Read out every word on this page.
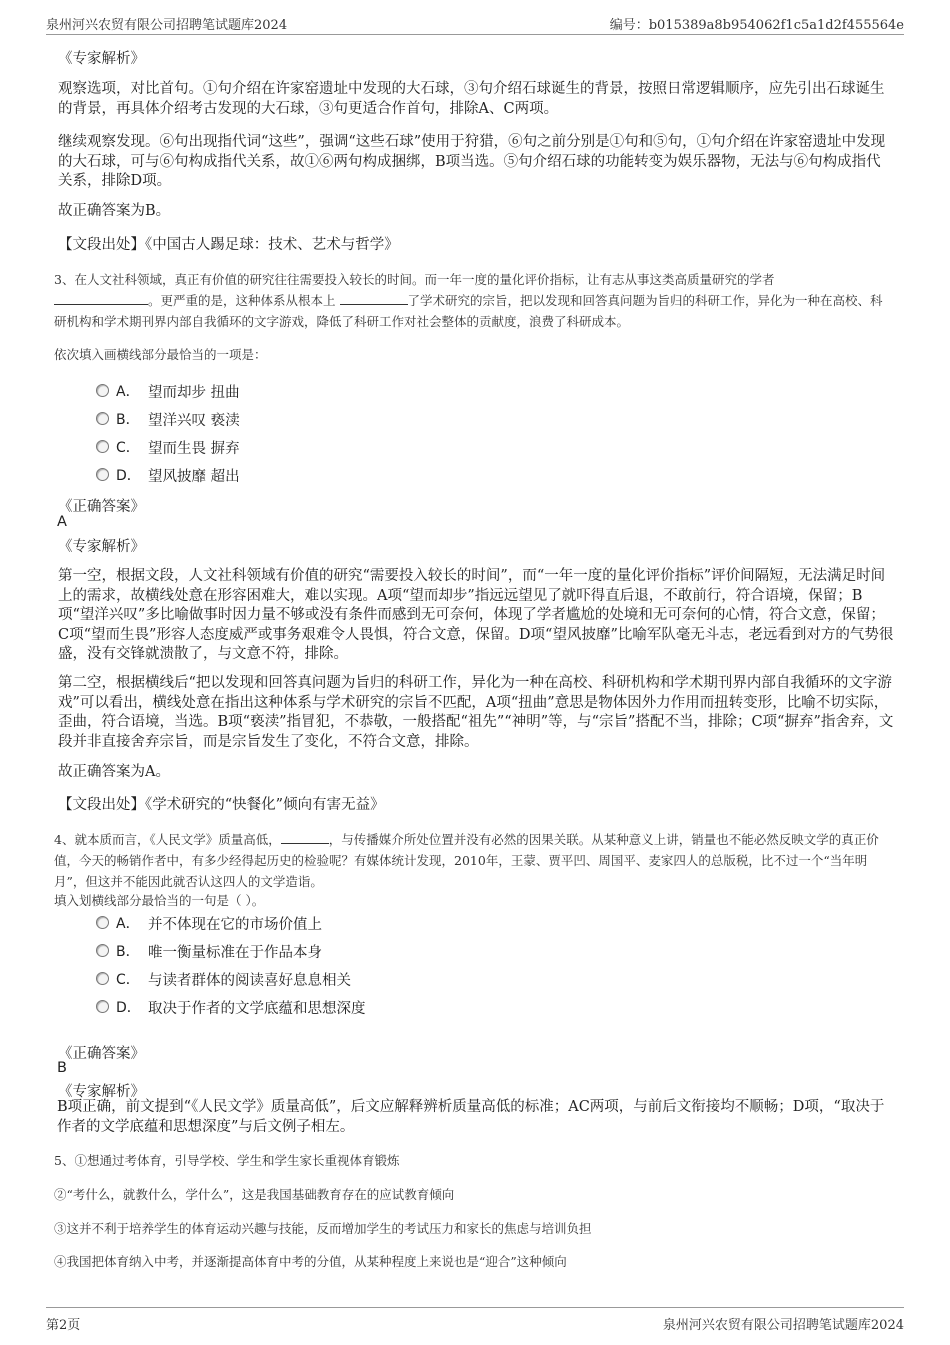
泉州河兴农贸有限公司招聘笔试题库2024	编号：b015389a8b954062f1c5a1d2f455564e
《专家解析》
观察选项，对比首句。①句介绍在许家窑遗址中发现的大石球，③句介绍石球诞生的背景，按照日常逻辑顺序，应先引出石球诞生的背景，再具体介绍考古发现的大石球，③句更适合作首句，排除A、C两项。
继续观察发现。⑥句出现指代词“这些”，强调“这些石球”使用于狩猎，⑥句之前分别是①句和⑤句，①句介绍在许家窑遗址中发现的大石球，可与⑥句构成指代关系，故①⑥两句构成捆绑，B项当选。⑤句介绍石球的功能转变为娱乐器物，无法与⑥句构成指代关系，排除D项。
故正确答案为B。
【文段出处】《中国古人踢足球：技术、艺术与哲学》
3、在人文社科领域，真正有价值的研究往往需要投入较长的时间。而一年一度的量化评价指标，让有志从事这类高质量研究的学者
。更严重的是，这种体系从根本上	了学术研究的宗旨，把以发现和回答真问题为旨归的科研工作，异化为一种在高校、科研机构和学术期刊界内部自我循环的文字游戏，降低了科研工作对社会整体的贡献度，浪费了科研成本。
依次填入画横线部分最恰当的一项是：
A． 望而却步 扭曲
B． 望洋兴叹 亵渎
C． 望而生畏 摒弃
D． 望风披靡 超出
《正确答案》
A
《专家解析》
第一空，根据文段，人文社科领域有价值的研究“需要投入较长的时间”，而“一年一度的量化评价指标”评价间隔短，无法满足时间上的需求，故横线处意在形容困难大，难以实现。A项“望而却步”指远远望见了就吓得直后退，不敢前行，符合语境，保留；B项“望洋兴叹”多比喻做事时因力量不够或没有条件而感到无可奈何，体现了学者尴尬的处境和无可奈何的心情，符合文意，保留；C项“望而生畏”形容人态度威严或事务艰难令人畏惧，符合文意，保留。D项“望风披靡”比喻军队毫无斗志，老远看到对方的气势很盛，没有交锋就溃散了，与文意不符，排除。
第二空，根据横线后“把以发现和回答真问题为旨归的科研工作，异化为一种在高校、科研机构和学术期刊界内部自我循环的文字游戏”可以看出，横线处意在指出这种体系与学术研究的宗旨不匹配，A项“扭曲”意思是物体因外力作用而扭转变形，比喻不切实际，歪曲，符合语境，当选。B项“亵渎”指冒犯，不恭敬，一般搭配“祖先”“神明”等，与“宗旨”搭配不当，排除；C项“摒弃”指舍弃，文段并非直接舍弃宗旨，而是宗旨发生了变化，不符合文意，排除。
故正确答案为A。
【文段出处】《学术研究的“快餐化”倾向有害无益》
4、就本质而言，《人民文学》质量高低，	，与传播媒介所处位置并没有必然的因果关联。从某种意义上讲，销量也不能必然反映文学的真正价值，今天的畅销作者中，有多少经得起历史的检验呢？有媒体统计发现，2010年，王蒙、贾平凹、周国平、麦家四人的总版税，比不过一个“当年明月”，但这并不能因此就否认这四人的文学造诣。
填入划横线部分最恰当的一句是（ ）。
A． 并不体现在它的市场价值上
B． 唯一衡量标准在于作品本身
C． 与读者群体的阅读喜好息息相关
D． 取决于作者的文学底蕴和思想深度
《正确答案》
B
《专家解析》
B项正确，前文提到“《人民文学》质量高低”，后文应解释辨析质量高低的标准；AC两项，与前后文衔接均不顺畅；D项，“取决于作者的文学底蕴和思想深度”与后文例子相左。
5、①想通过考体育，引导学校、学生和学生家长重视体育锻炼
②“考什么，就教什么，学什么”，这是我国基础教育存在的应试教育倾向
③这并不利于培养学生的体育运动兴趣与技能，反而增加学生的考试压力和家长的焦虑与培训负担
④我国把体育纳入中考，并逐渐提高体育中考的分值，从某种程度上来说也是“迎合”这种倾向
第2页	泉州河兴农贸有限公司招聘笔试题库2024
